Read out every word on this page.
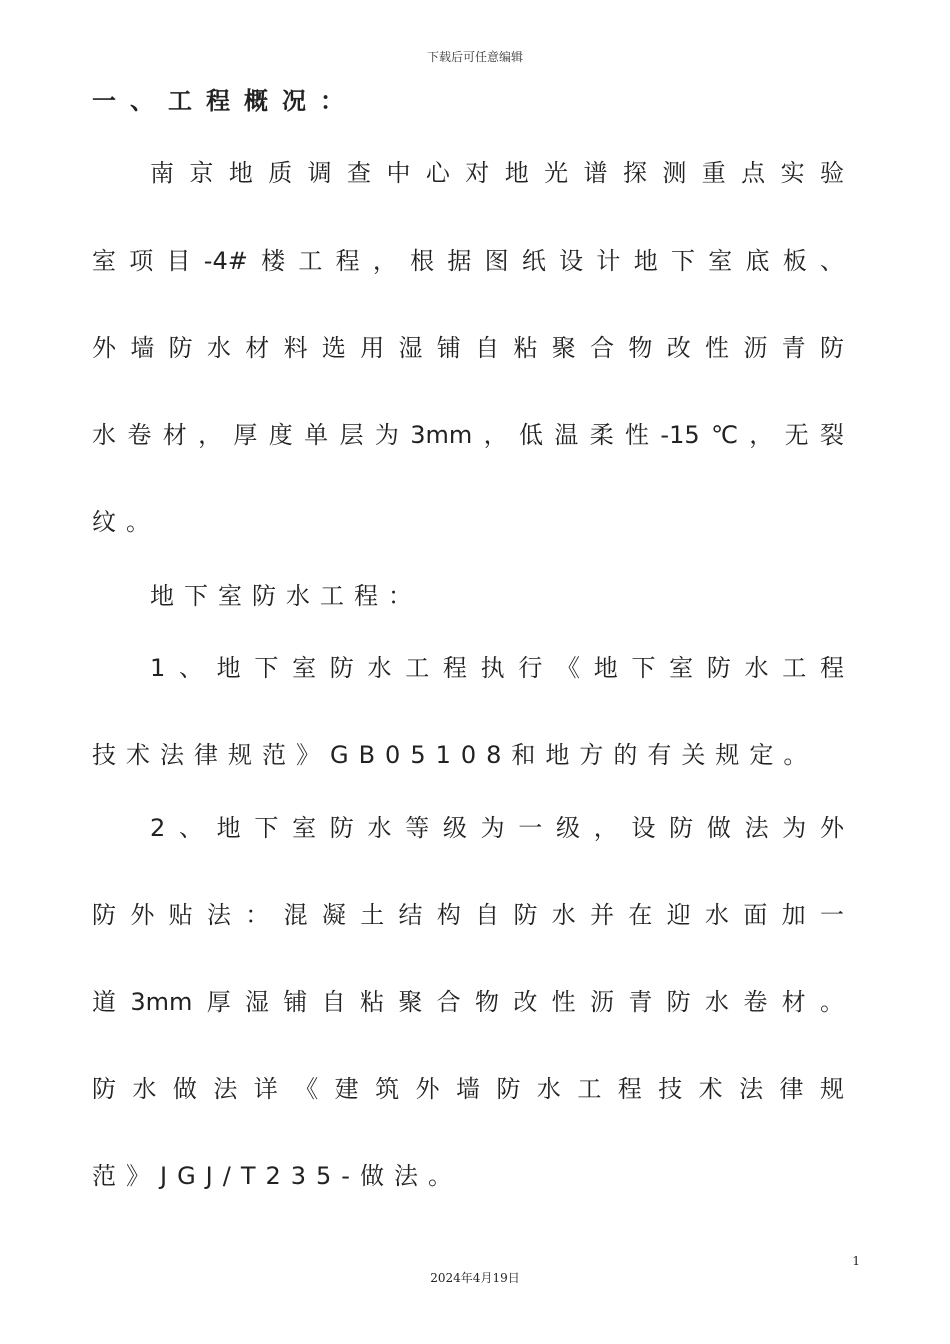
下载后可任意编辑
一、工程概况：
南京地质调查中心对地光谱探测重点实验
室项目-4#楼工程，根据图纸设计地下室底板、
外墙防水材料选用湿铺自粘聚合物改性沥青防
水卷材，厚度单层为3mm，低温柔性-15℃，无裂
纹。
地下室防水工程：
1、地下室防水工程执行《地下室防水工程
技术法律规范》GB05108和地方的有关规定。
2、地下室防水等级为一级，设防做法为外
防外贴法：混凝土结构自防水并在迎水面加一
道3mm厚湿铺自粘聚合物改性沥青防水卷材。
防水做法详《建筑外墙防水工程技术法律规
范》JGJ/T235-做法。
1
2024年4月19日
